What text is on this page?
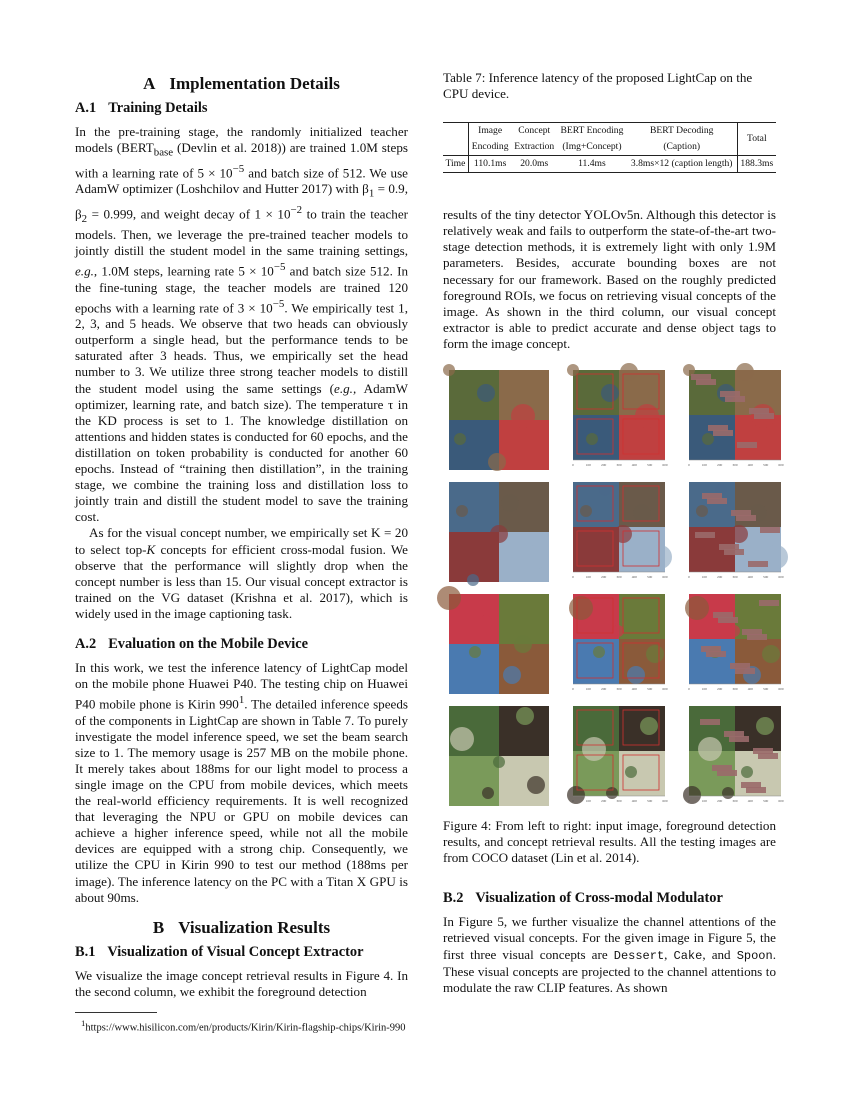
A Implementation Details
A.1 Training Details

In the pre-training stage, the randomly initialized teacher models ($BERT_{base}$ (Devlin et al. 2018)) are trained 1.0M steps with a learning rate of $5 \times 10^{-5}$ and batch size of 512. We use AdamW optimizer (Loshchilov and Hutter 2017) with $\beta_1 = 0.9$, $\beta_2 = 0.999$, and weight decay of $1 \times 10^{-2}$ to train the teacher models. Then, we leverage the pre-trained teacher models to jointly distill the student model in the same training settings, e.g., 1.0M steps, learning rate $5 \times 10^{-5}$ and batch size 512. In the fine-tuning stage, the teacher models are trained 120 epochs with a learning rate of $3 \times 10^{-5}$. We empirically test 1, 2, 3, and 5 heads. We observe that two heads can obviously outperform a single head, but the performance tends to be saturated after 3 heads. Thus, we empirically set the head number to 3. We utilize three strong teacher models to distill the student model using the same settings (e.g., AdamW optimizer, learning rate, and batch size). The temperature τ in the KD process is set to 1. The knowledge distillation on attentions and hidden states is conducted for 60 epochs, and the distillation on token probability is conducted for another 60 epochs. Instead of “training then distillation”, in the training stage, we combine the training loss and distillation loss to jointly train and distill the student model to save the training cost.

As for the visual concept number, we empirically set K = 20 to select top-K concepts for efficient cross-modal fusion. We observe that the performance will slightly drop when the concept number is less than 15. Our visual concept extractor is trained on the VG dataset (Krishna et al. 2017), which is widely used in the image captioning task.

A.2 Evaluation on the Mobile Device

In this work, we test the inference latency of LightCap model on the mobile phone Huawei P40. The testing chip on Huawei P40 mobile phone is Kirin $990^1$. The detailed inference speeds of the components in LightCap are shown in Table 7. To purely investigate the model inference speed, we set the beam search size to 1. The memory usage is 257 MB on the mobile phone. It merely takes about 188ms for our light model to process a single image on the CPU from mobile devices, which meets the real-world efficiency requirements. It is well recognized that leveraging the NPU or GPU on mobile devices can achieve a higher inference speed, while not all the mobile devices are equipped with a strong chip. Consequently, we utilize the CPU in Kirin 990 to test our method (188ms per image). The inference latency on the PC with a Titan X GPU is about 90ms.

B Visualization Results
B.1 Visualization of Visual Concept Extractor

We visualize the image concept retrieval results in Figure 4. In the second column, we exhibit the foreground detection

$^1$https://www.hisilicon.com/en/products/Kirin/Kirin-flagship-chips/Kirin-990

Table 7: Inference latency of the proposed LightCap on the CPU device.
	Image	Concept	BERT Encoding	BERT Decoding	Total
	Encoding	Extraction	(Img+Concept)	(Caption)	
Time	110.1ms	20.0ms	11.4ms	3.8ms×12 (caption length)	188.3ms

results of the tiny detector YOLOv5n. Although this detector is relatively weak and fails to outperform the state-of-the-art two-stage detection methods, it is extremely light with only 1.9M parameters. Besides, accurate bounding boxes are not necessary for our framework. Based on the roughly predicted foreground ROIs, we focus on retrieving visual concepts of the image. As shown in the third column, our visual concept extractor is able to predict accurate and dense object tags to form the image concept.

0	100	200	300	400	500	600	0	100	200	300	400	500	600
0	100	200	300	400	500	600	0	100	200	300	400	500	600
0	100	200	300	400	500	600	0	100	200	300	400	500	600
0	100	200	300	400	500	600	0	100	200	300	400	500	600
Figure 4: From left to right: input image, foreground detection results, and concept retrieval results. All the testing images are from COCO dataset (Lin et al. 2014).
B.2 Visualization of Cross-modal Modulator

In Figure 5, we further visualize the channel attentions of the retrieved visual concepts. For the given image in Figure 5, the first three visual concepts are Dessert, Cake, and Spoon. These visual concepts are projected to the channel attentions to modulate the raw CLIP features. As shown
